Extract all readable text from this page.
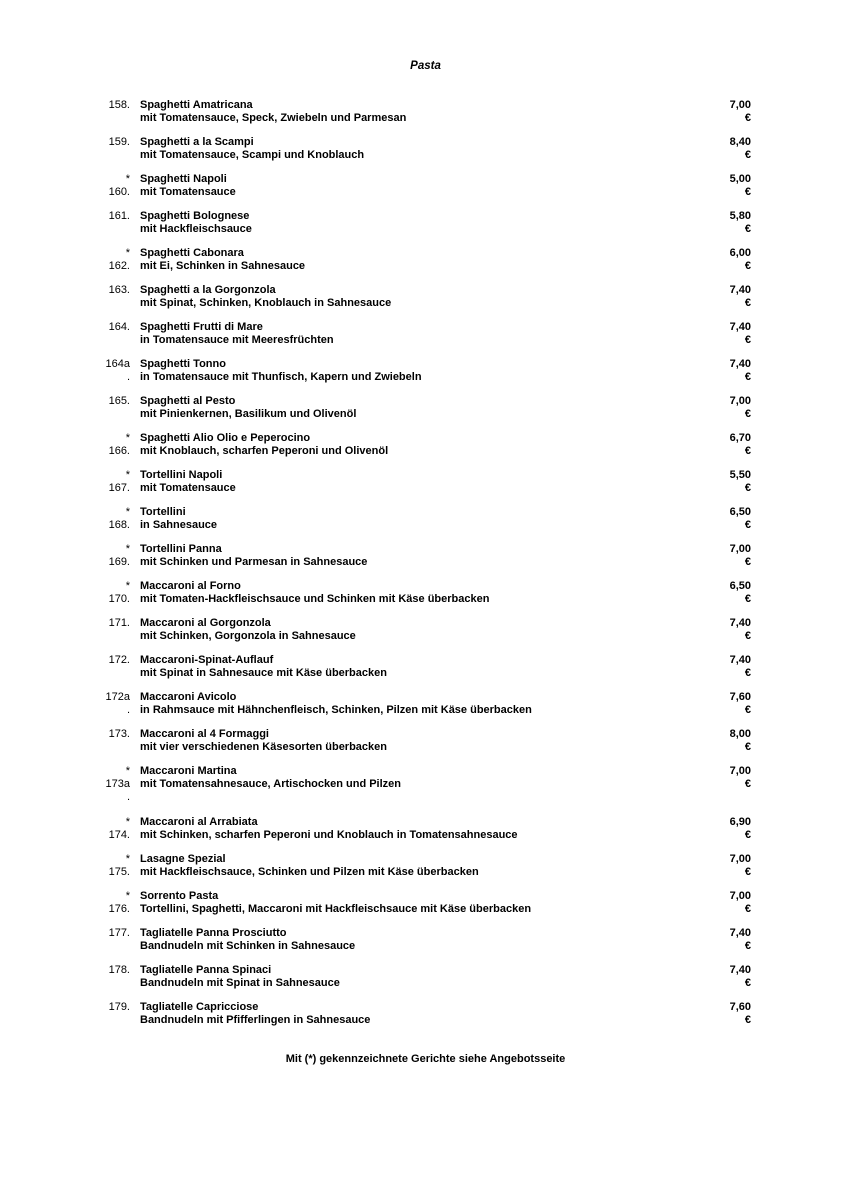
Pasta
158. Spaghetti Amatricana
mit Tomatensauce, Speck, Zwiebeln und Parmesan
7,00
€
159. Spaghetti a la Scampi
mit Tomatensauce, Scampi und Knoblauch
8,40
€
*
160.
Spaghetti Napoli
mit Tomatensauce
5,00
€
161. Spaghetti Bolognese
mit Hackfleischsauce
5,80
€
*
162.
Spaghetti Cabonara
mit Ei, Schinken in Sahnesauce
6,00
€
163. Spaghetti a la Gorgonzola
mit Spinat, Schinken, Knoblauch in Sahnesauce
7,40
€
164. Spaghetti Frutti di Mare
in Tomatensauce mit Meeresfrüchten
7,40
€
164a
.
Spaghetti Tonno
in Tomatensauce mit Thunfisch, Kapern und Zwiebeln
7,40
€
165. Spaghetti al Pesto
mit Pinienkernen, Basilikum und Olivenöl
7,00
€
*
166.
Spaghetti Alio Olio e Peperocino
mit Knoblauch, scharfen Peperoni und Olivenöl
6,70
€
*
167.
Tortellini Napoli
mit Tomatensauce
5,50
€
*
168.
Tortellini
in Sahnesauce
6,50
€
*
169.
Tortellini Panna
mit Schinken und Parmesan in Sahnesauce
7,00
€
*
170.
Maccaroni al Forno
mit Tomaten-Hackfleischsauce und Schinken mit Käse überbacken
6,50
€
171. Maccaroni al Gorgonzola
mit Schinken, Gorgonzola in Sahnesauce
7,40
€
172. Maccaroni-Spinat-Auflauf
mit Spinat in Sahnesauce mit Käse überbacken
7,40
€
172a
.
Maccaroni Avicolo
in Rahmsauce mit Hähnchenfleisch, Schinken, Pilzen mit Käse überbacken
7,60
€
173. Maccaroni al 4 Formaggi
mit vier verschiedenen Käsesorten überbacken
8,00
€
*
173a
.
Maccaroni Martina
mit Tomatensahnesauce, Artischocken und Pilzen
7,00
€
*
174.
Maccaroni al Arrabiata
mit Schinken, scharfen Peperoni und Knoblauch in Tomatensahnesauce
6,90
€
*
175.
Lasagne Spezial
mit Hackfleischsauce, Schinken und Pilzen mit Käse überbacken
7,00
€
*
176.
Sorrento Pasta
Tortellini, Spaghetti, Maccaroni mit Hackfleischsauce mit Käse überbacken
7,00
€
177. Tagliatelle Panna Prosciutto
Bandnudeln mit Schinken in Sahnesauce
7,40
€
178. Tagliatelle Panna Spinaci
Bandnudeln mit Spinat in Sahnesauce
7,40
€
179. Tagliatelle Capricciose
Bandnudeln mit Pfifferlingen in Sahnesauce
7,60
€
Mit (*) gekennzeichnete Gerichte siehe Angebotsseite
